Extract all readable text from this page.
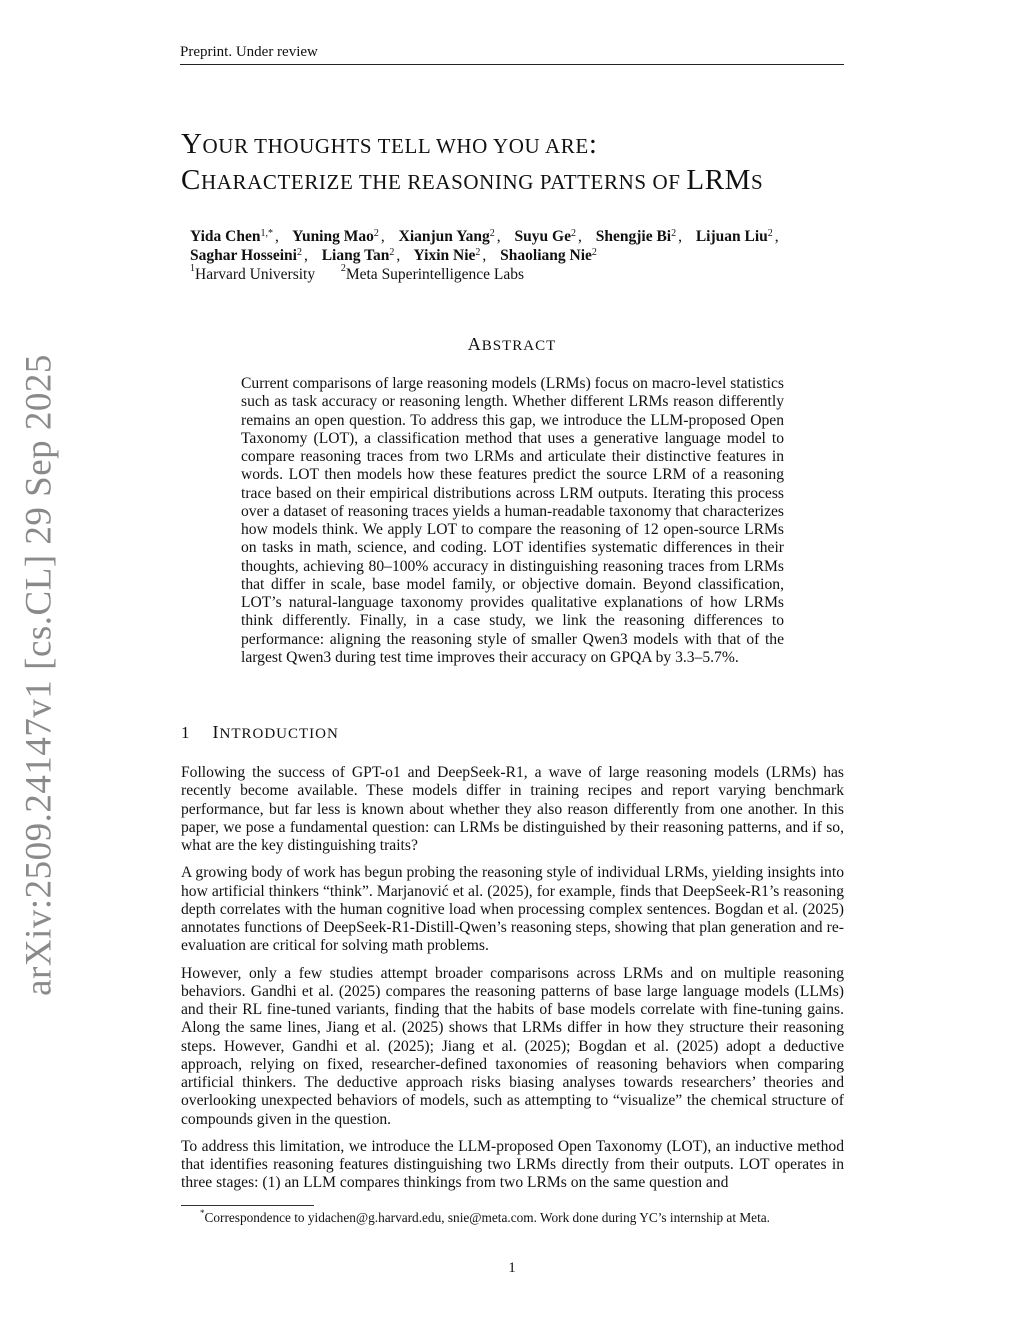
Preprint. Under review
arXiv:2509.24147v1 [cs.CL] 29 Sep 2025
YOUR THOUGHTS TELL WHO YOU ARE:
CHARACTERIZE THE REASONING PATTERNS OF LRMS
Yida Chen$^{1,*}$ , Yuning Mao$^2$ , Xianjun Yang$^2$ , Suyu Ge$^2$ , Shengjie Bi$^2$ , Lijuan Liu$^2$ ,
Saghar Hosseini$^2$ , Liang Tan$^2$ , Yixin Nie$^2$ , Shaoliang Nie$^2$
$^1$Harvard University	$^2$Meta Superintelligence Labs
ABSTRACT
Current comparisons of large reasoning models (LRMs) focus on macro-level statistics such as task accuracy or reasoning length. Whether different LRMs reason differently remains an open question. To address this gap, we introduce the LLM-proposed Open Taxonomy (LOT), a classification method that uses a generative language model to compare reasoning traces from two LRMs and articulate their distinctive features in words. LOT then models how these features predict the source LRM of a reasoning trace based on their empirical distributions across LRM outputs. Iterating this process over a dataset of reasoning traces yields a human-readable taxonomy that characterizes how models think. We apply LOT to compare the reasoning of 12 open-source LRMs on tasks in math, science, and coding. LOT identifies systematic differences in their thoughts, achieving 80–100% accuracy in distinguishing reasoning traces from LRMs that differ in scale, base model family, or objective domain. Beyond classification, LOT’s natural-language taxonomy provides qualitative explanations of how LRMs think differently. Finally, in a case study, we link the reasoning differences to performance: aligning the reasoning style of smaller Qwen3 models with that of the largest Qwen3 during test time improves their accuracy on GPQA by 3.3–5.7%.
1 INTRODUCTION

Following the success of GPT-o1 and DeepSeek-R1, a wave of large reasoning models (LRMs) has recently become available. These models differ in training recipes and report varying benchmark performance, but far less is known about whether they also reason differently from one another. In this paper, we pose a fundamental question: can LRMs be distinguished by their reasoning patterns, and if so, what are the key distinguishing traits?

A growing body of work has begun probing the reasoning style of individual LRMs, yielding insights into how artificial thinkers “think”. Marjanović et al. (2025), for example, finds that DeepSeek-R1’s reasoning depth correlates with the human cognitive load when processing complex sentences. Bogdan et al. (2025) annotates functions of DeepSeek-R1-Distill-Qwen’s reasoning steps, showing that plan generation and re-evaluation are critical for solving math problems.

However, only a few studies attempt broader comparisons across LRMs and on multiple reasoning behaviors. Gandhi et al. (2025) compares the reasoning patterns of base large language models (LLMs) and their RL fine-tuned variants, finding that the habits of base models correlate with fine-tuning gains. Along the same lines, Jiang et al. (2025) shows that LRMs differ in how they structure their reasoning steps. However, Gandhi et al. (2025); Jiang et al. (2025); Bogdan et al. (2025) adopt a deductive approach, relying on fixed, researcher-defined taxonomies of reasoning behaviors when comparing artificial thinkers. The deductive approach risks biasing analyses towards researchers’ theories and overlooking unexpected behaviors of models, such as attempting to “visualize” the chemical structure of compounds given in the question.

To address this limitation, we introduce the LLM-proposed Open Taxonomy (LOT), an inductive method that identifies reasoning features distinguishing two LRMs directly from their outputs. LOT operates in three stages: (1) an LLM compares thinkings from two LRMs on the same question and

*Correspondence to yidachen@g.harvard.edu, snie@meta.com. Work done during YC’s internship at Meta.
1
